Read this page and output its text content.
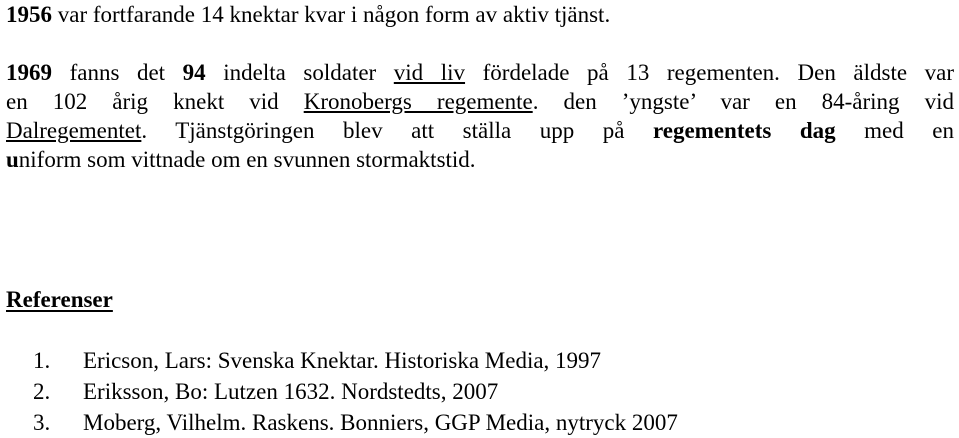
1956 var fortfarande 14 knektar kvar i någon form av aktiv tjänst.

1969 fanns det 94 indelta soldater vid liv fördelade på 13 regementen. Den äldste var

en 102 årig knekt vid Kronobergs regemente. den ’yngste’ var en 84-åring vid

Dalregementet. Tjänstgöringen blev att ställa upp på regementets dag med en

uniform som vittnade om en svunnen stormaktstid.

Referenser

1. Ericson, Lars: Svenska Knektar. Historiska Media, 1997
2. Eriksson, Bo: Lutzen 1632. Nordstedts, 2007
3. Moberg, Vilhelm. Raskens. Bonniers, GGP Media, nytryck 2007
